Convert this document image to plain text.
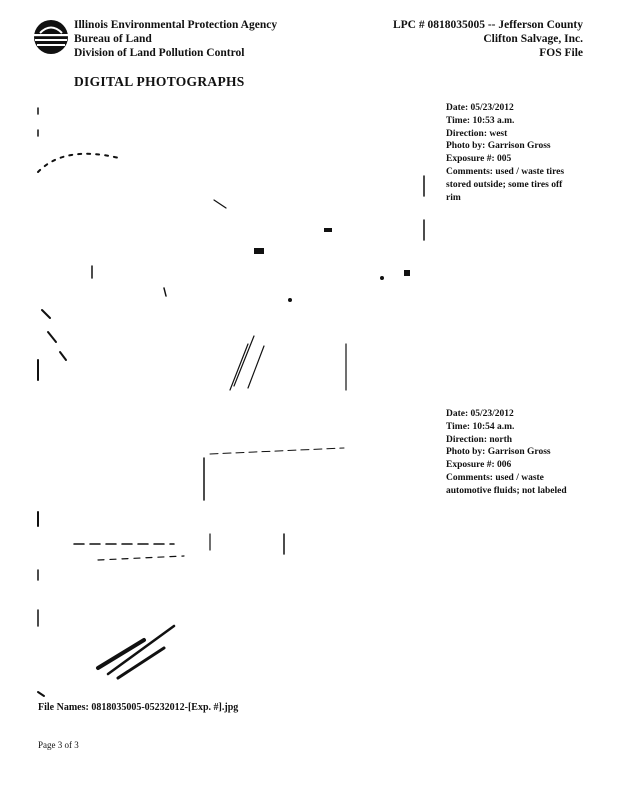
Illinois Environmental Protection Agency
Bureau of Land
Division of Land Pollution Control
LPC # 0818035005 -- Jefferson County
Clifton Salvage, Inc.
FOS File
DIGITAL PHOTOGRAPHS
Date: 05/23/2012
Time: 10:53 a.m.
Direction: west
Photo by: Garrison Gross
Exposure #: 005
Comments: used / waste tires stored outside; some tires off rim
Date: 05/23/2012
Time: 10:54 a.m.
Direction: north
Photo by: Garrison Gross
Exposure #: 006
Comments: used / waste automotive fluids; not labeled
File Names: 0818035005-05232012-[Exp. #].jpg
Page 3 of 3
